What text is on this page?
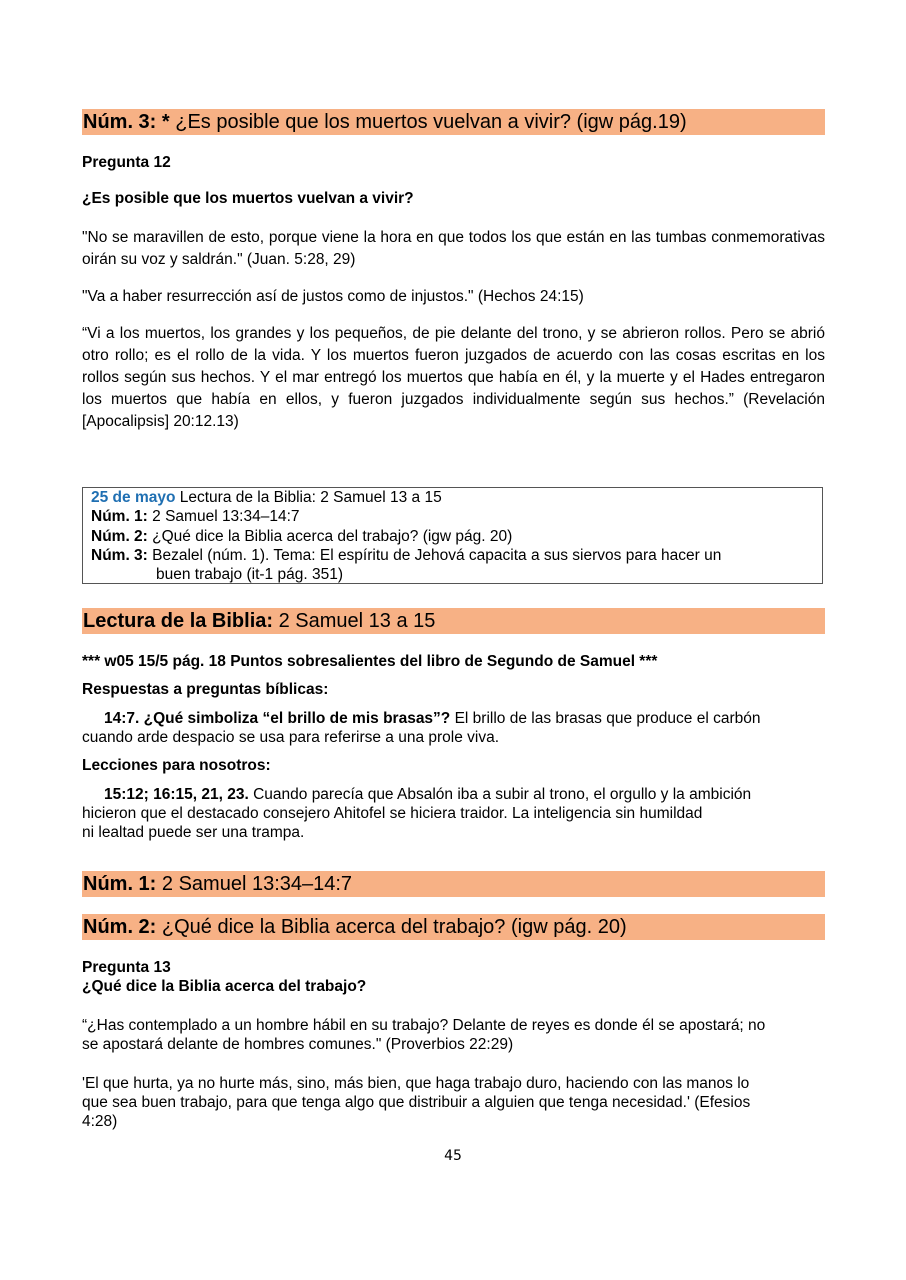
Núm. 3: * ¿Es posible que los muertos vuelvan a vivir? (igw pág.19)
Pregunta 12
¿Es posible que los muertos vuelvan a vivir?
"No se maravillen de esto, porque viene la hora en que todos los que están en las tumbas conmemorativas oirán su voz y saldrán." (Juan. 5:28, 29)
"Va a haber resurrección así de justos como de injustos." (Hechos 24:15)
“Vi a los muertos, los grandes y los pequeños, de pie delante del trono, y se abrieron rollos. Pero se abrió otro rollo; es el rollo de la vida. Y los muertos fueron juzgados de acuerdo con las cosas escritas en los rollos según sus hechos. Y el mar entregó los muertos que había en él, y la muerte y el Hades entregaron los muertos que había en ellos, y fueron juzgados individualmente según sus hechos.” (Revelación [Apocalipsis] 20:12.13)
25 de mayo Lectura de la Biblia: 2 Samuel 13 a 15
Núm. 1: 2 Samuel 13:34–14:7
Núm. 2: ¿Qué dice la Biblia acerca del trabajo? (igw pág. 20)
Núm. 3: Bezalel (núm. 1). Tema: El espíritu de Jehová capacita a sus siervos para hacer un
buen trabajo (it-1 pág. 351)
Lectura de la Biblia: 2 Samuel 13 a 15
*** w05 15/5 pág. 18 Puntos sobresalientes del libro de Segundo de Samuel ***
Respuestas a preguntas bíblicas:
14:7. ¿Qué simboliza “el brillo de mis brasas”? El brillo de las brasas que produce el carbón
cuando arde despacio se usa para referirse a una prole viva.
Lecciones para nosotros:
15:12; 16:15, 21, 23. Cuando parecía que Absalón iba a subir al trono, el orgullo y la ambición
hicieron que el destacado consejero Ahitofel se hiciera traidor. La inteligencia sin humildad
ni lealtad puede ser una trampa.
Núm. 1: 2 Samuel 13:34–14:7
Núm. 2: ¿Qué dice la Biblia acerca del trabajo? (igw pág. 20)
Pregunta 13
¿Qué dice la Biblia acerca del trabajo?
“¿Has contemplado a un hombre hábil en su trabajo? Delante de reyes es donde él se apostará; no
se apostará delante de hombres comunes." (Proverbios 22:29)
'El que hurta, ya no hurte más, sino, más bien, que haga trabajo duro, haciendo con las manos lo
que sea buen trabajo, para que tenga algo que distribuir a alguien que tenga necesidad.' (Efesios
4:28)
45
